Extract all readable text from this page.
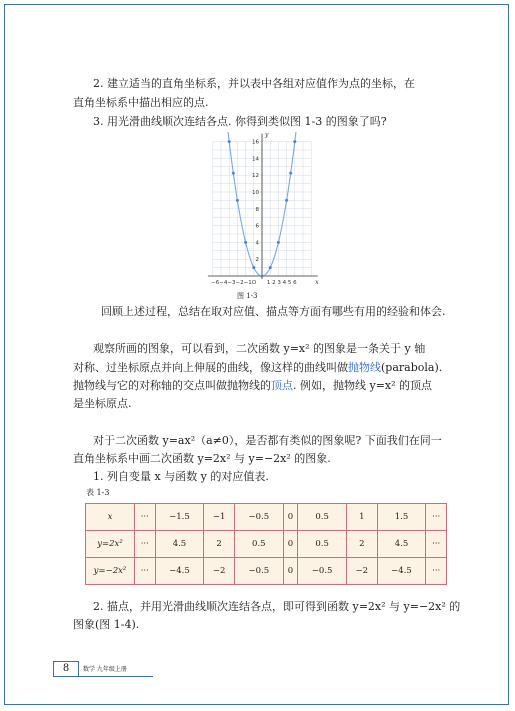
2. 建立适当的直角坐标系，并以表中各组对应值作为点的坐标，在
直角坐标系中描出相应的点.
3. 用光滑曲线顺次连结各点. 你得到类似图 1-3 的图象了吗?
16
14
12
10
8
6
4
2
−6−4−3−2−1O 1 2 3 4 5 6
y
x
图 1-3
回顾上述过程，总结在取对应值、描点等方面有哪些有用的经验和体会.
观察所画的图象，可以看到，二次函数 y=x² 的图象是一条关于 y 轴
对称、过坐标原点并向上伸展的曲线，像这样的曲线叫做抛物线(parabola).
抛物线与它的对称轴的交点叫做抛物线的顶点. 例如，抛物线 y=x² 的顶点
是坐标原点.
对于二次函数 y=ax²（a≠0），是否都有类似的图象呢? 下面我们在同一
直角坐标系中画二次函数 y=2x² 与 y=−2x² 的图象.
1. 列自变量 x 与函数 y 的对应值表.
表 1-3
x	···	−1.5	−1	−0.5	0	0.5	1	1.5	···
y=2x²	···	4.5	2	0.5	0	0.5	2	4.5	···
y=−2x²	···	−4.5	−2	−0.5	0	−0.5	−2	−4.5	···
2. 描点，并用光滑曲线顺次连结各点，即可得到函数 y=2x² 与 y=−2x² 的
图象(图 1-4).
8	数学 九年级上册
